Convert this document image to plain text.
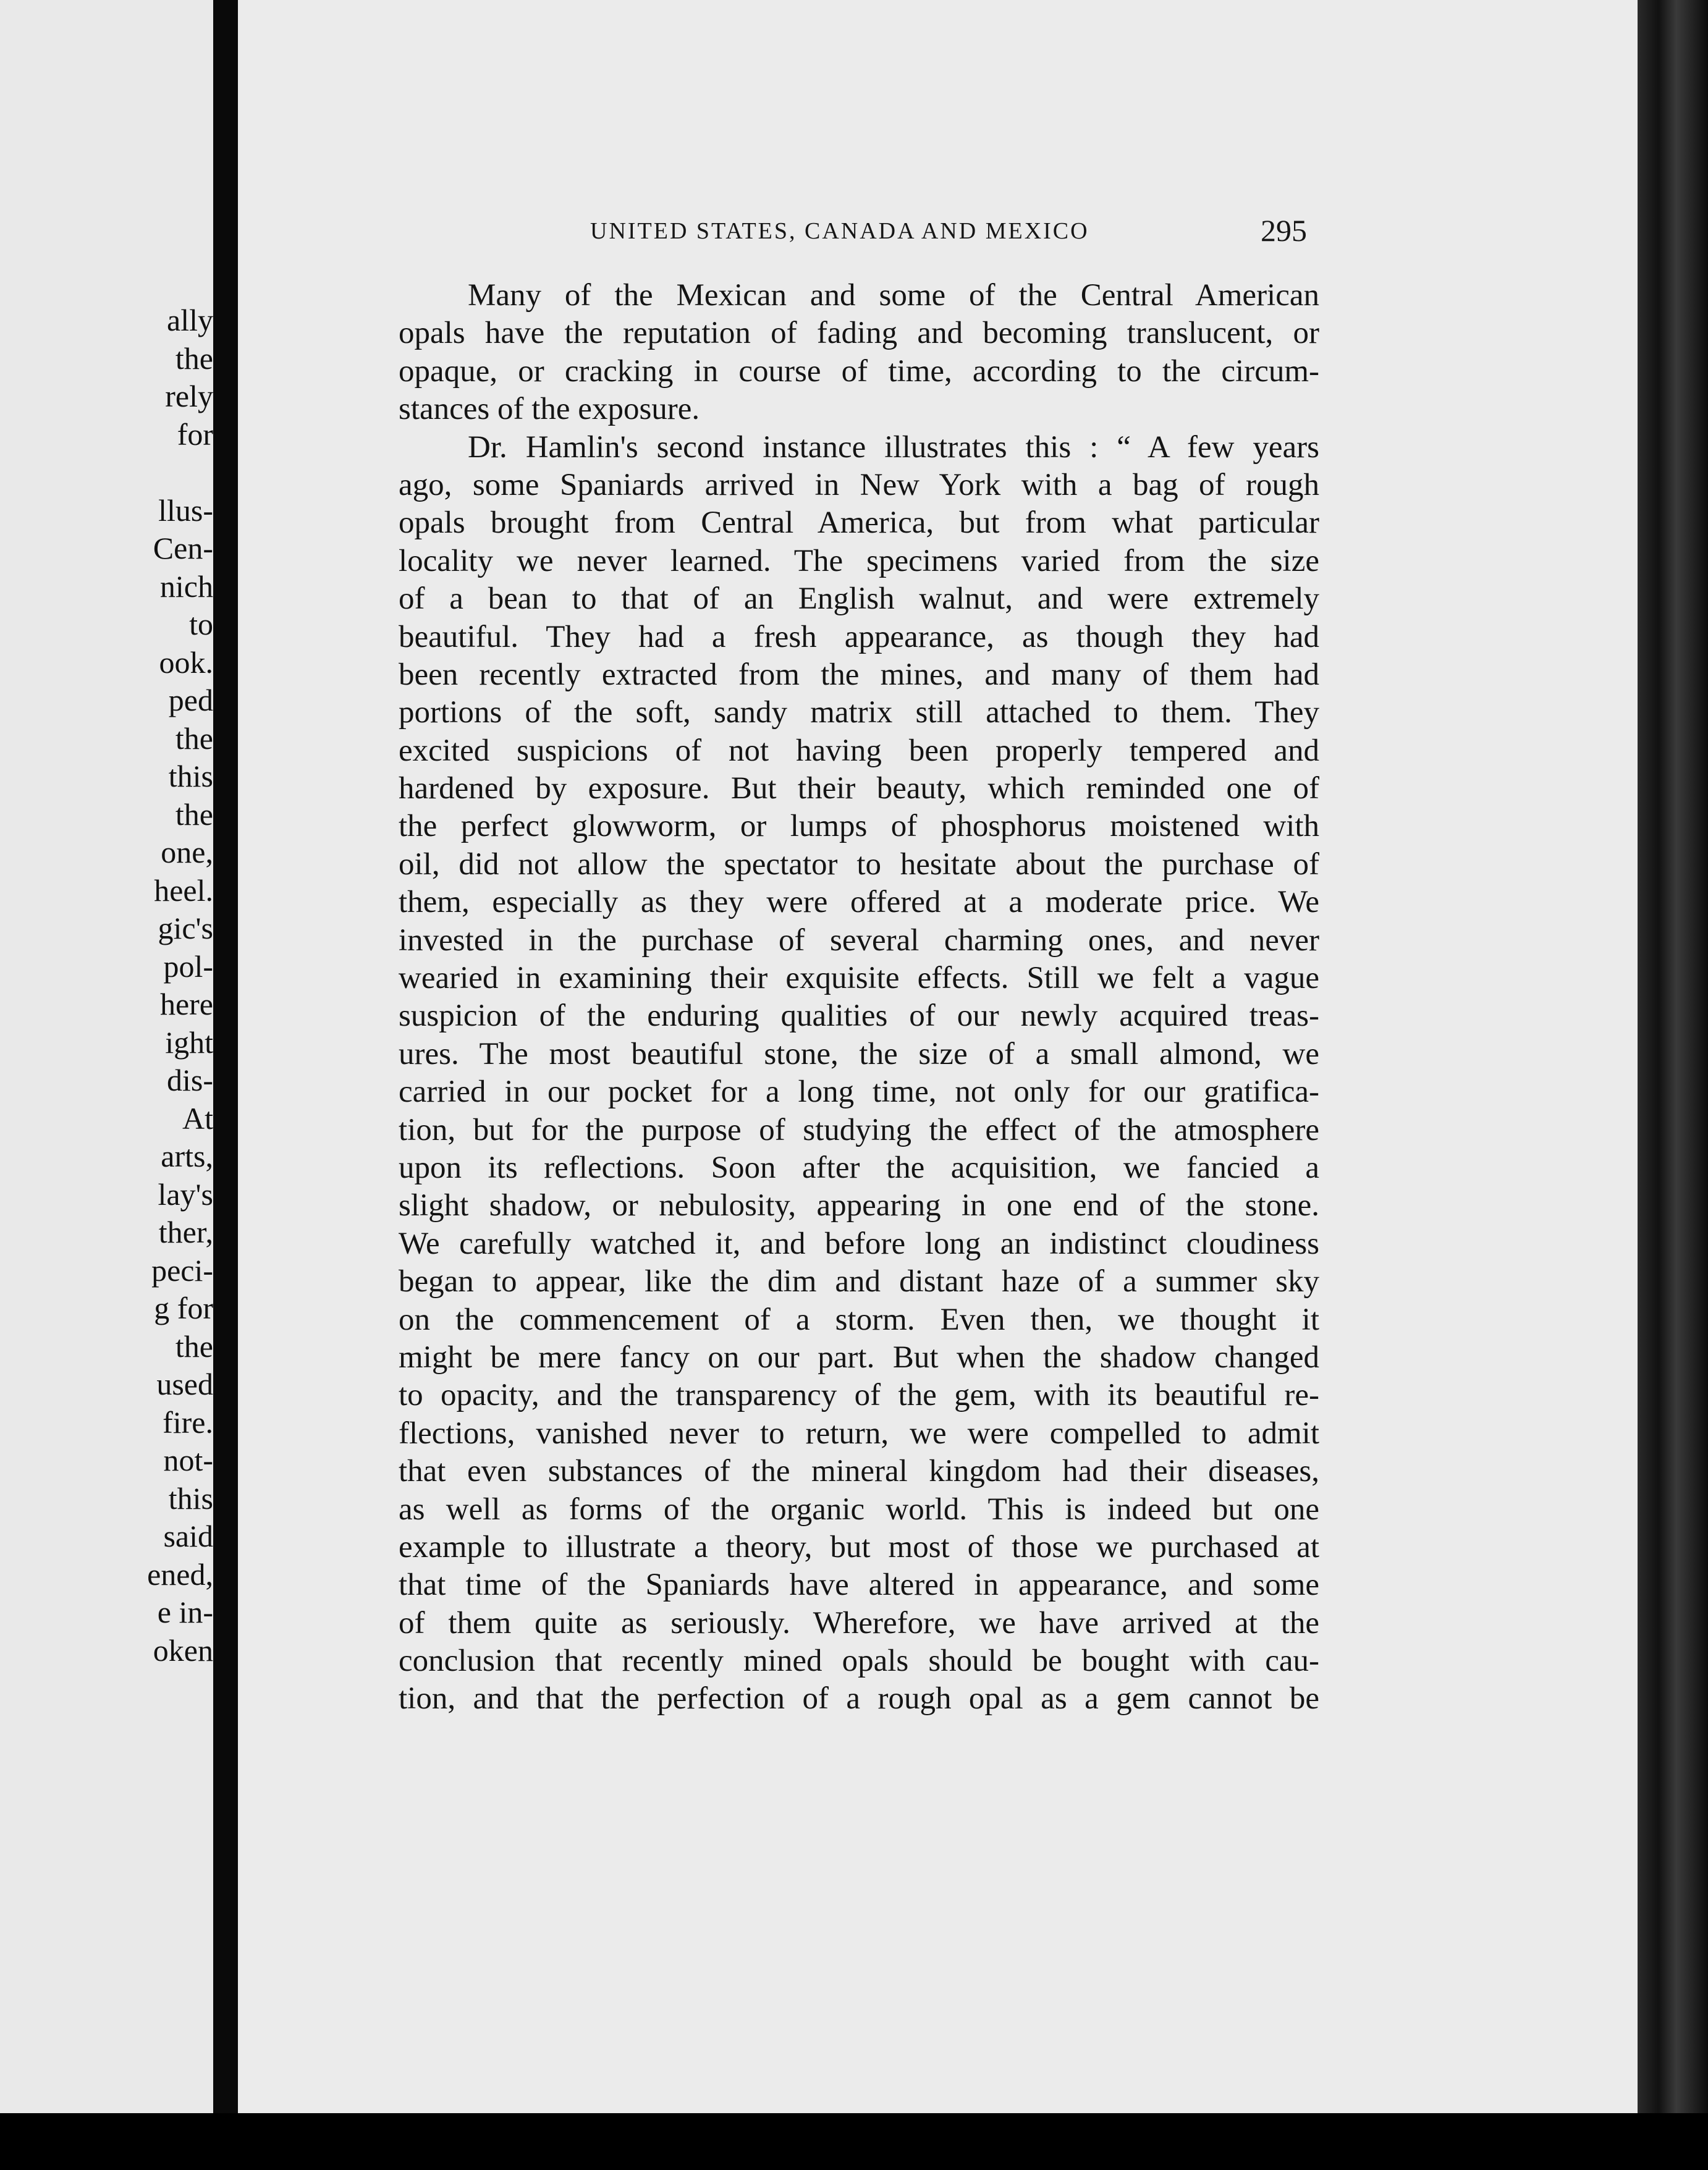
ally
the
rely
for
llus-
Cen-
nich
to
ook.
ped
the
this
the
one,
heel.
gic's
pol-
here
ight
dis-
At
arts,
lay's
ther,
peci-
g for
the
used
fire.
not-
this
said
ened,
e in-
oken
UNITED STATES, CANADA AND MEXICO	295
Many of the Mexican and some of the Central American
opals have the reputation of fading and becoming translucent, or
opaque, or cracking in course of time, according to the circum-
stances of the exposure.
Dr. Hamlin's second instance illustrates this : “ A few years
ago, some Spaniards arrived in New York with a bag of rough
opals brought from Central America, but from what particular
locality we never learned. The specimens varied from the size
of a bean to that of an English walnut, and were extremely
beautiful. They had a fresh appearance, as though they had
been recently extracted from the mines, and many of them had
portions of the soft, sandy matrix still attached to them. They
excited suspicions of not having been properly tempered and
hardened by exposure. But their beauty, which reminded one of
the perfect glowworm, or lumps of phosphorus moistened with
oil, did not allow the spectator to hesitate about the purchase of
them, especially as they were offered at a moderate price. We
invested in the purchase of several charming ones, and never
wearied in examining their exquisite effects. Still we felt a vague
suspicion of the enduring qualities of our newly acquired treas-
ures. The most beautiful stone, the size of a small almond, we
carried in our pocket for a long time, not only for our gratifica-
tion, but for the purpose of studying the effect of the atmosphere
upon its reflections. Soon after the acquisition, we fancied a
slight shadow, or nebulosity, appearing in one end of the stone.
We carefully watched it, and before long an indistinct cloudiness
began to appear, like the dim and distant haze of a summer sky
on the commencement of a storm. Even then, we thought it
might be mere fancy on our part. But when the shadow changed
to opacity, and the transparency of the gem, with its beautiful re-
flections, vanished never to return, we were compelled to admit
that even substances of the mineral kingdom had their diseases,
as well as forms of the organic world. This is indeed but one
example to illustrate a theory, but most of those we purchased at
that time of the Spaniards have altered in appearance, and some
of them quite as seriously. Wherefore, we have arrived at the
conclusion that recently mined opals should be bought with cau-
tion, and that the perfection of a rough opal as a gem cannot be
